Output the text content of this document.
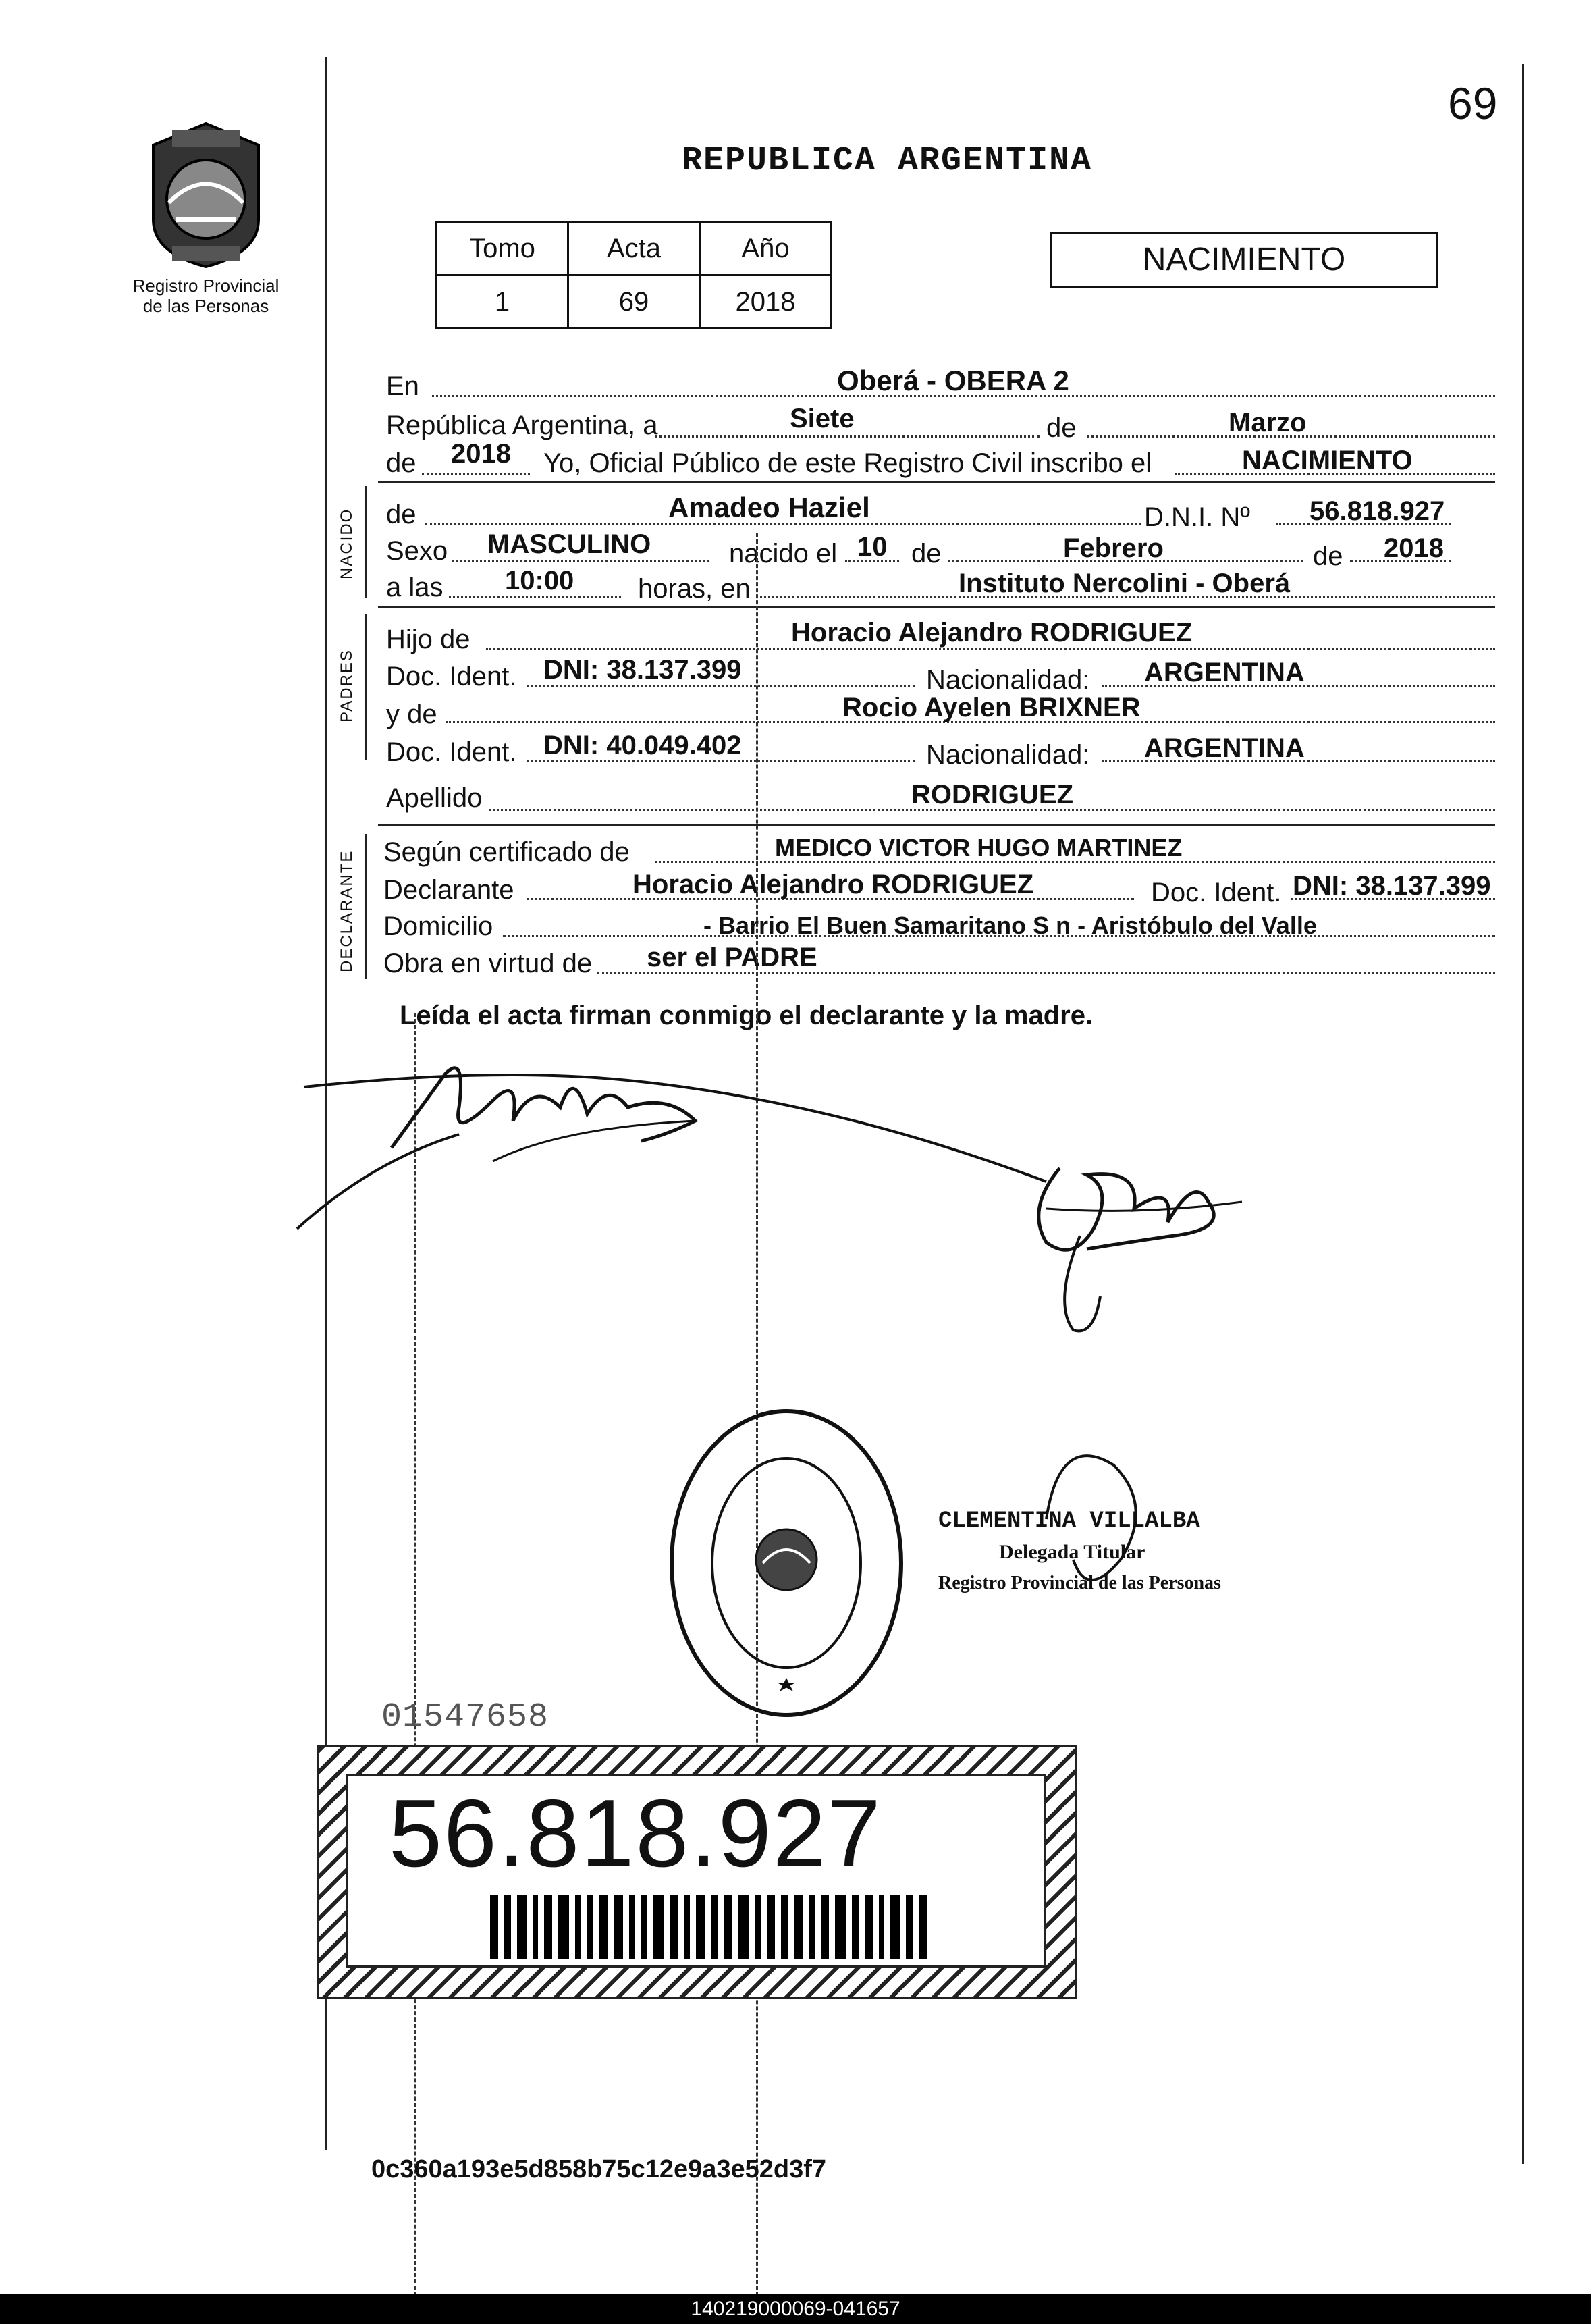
69
Registro Provincial
de las Personas
REPUBLICA ARGENTINA
Tomo	Acta	Año
1	69	2018
NACIMIENTO
En	Oberá - OBERA 2
República Argentina, a	Siete	de	Marzo
de 2018 Yo, Oficial Público de este Registro Civil inscribo el	NACIMIENTO
NACIDO de	Amadeo Haziel	D.N.I. Nº 56.818.927
Sexo MASCULINO	nacido el 10 de	Febrero	de 2018
a las 10:00 horas, en	Instituto Nercolini - Oberá
PADRES
Hijo de	Horacio Alejandro RODRIGUEZ
Doc. Ident. DNI: 38.137.399	Nacionalidad: ARGENTINA
y de	Rocio Ayelen BRIXNER
Doc. Ident. DNI: 40.049.402	Nacionalidad: ARGENTINA
Apellido	RODRIGUEZ
DECLARANTE Según certificado de	MEDICO VICTOR HUGO MARTINEZ
Declarante	Horacio Alejandro RODRIGUEZ	Doc. Ident. DNI: 38.137.399
Domicilio	- Barrio El Buen Samaritano S n - Aristóbulo del Valle
Obra en virtud de ser el PADRE
Leída el acta firman conmigo el declarante y la madre.
CLEMENTINA VILLALBA
Delegada Titular
Registro Provincial de las Personas
01547658
56.818.927
0c360a193e5d858b75c12e9a3e52d3f7
140219000069-041657
